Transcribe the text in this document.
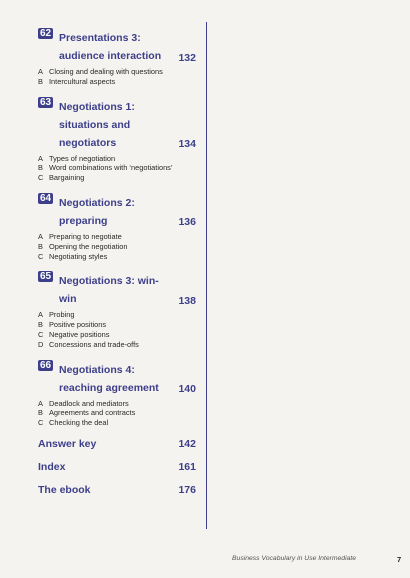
62 Presentations 3: audience interaction 132
A Closing and dealing with questions
B Intercultural aspects
63 Negotiations 1: situations and negotiators	134
A Types of negotiation
B Word combinations with ‘negotiations’
C Bargaining
64 Negotiations 2: preparing	136
A Preparing to negotiate
B Opening the negotiation
C Negotiating styles
65 Negotiations 3: win-win	138
A Probing
B Positive positions
C Negative positions
D Concessions and trade-offs
66 Negotiations 4: reaching agreement 140
A Deadlock and mediators
B Agreements and contracts
C Checking the deal
Answer key	142
Index	161
The ebook	176
Business Vocabulary in Use Intermediate	7
